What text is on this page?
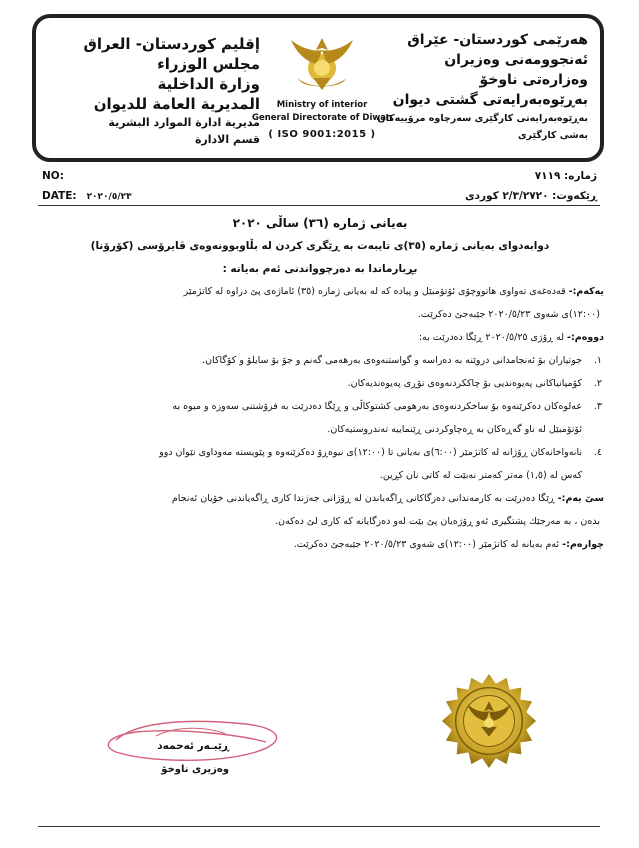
إقليم كوردستان- العراق
مجلس الوزراء
وزارة الداخلية
المديرية العامة للديوان
مديرية ادارة الموارد البشرية
قسم الادارة
Ministry of interior
General Directorate of Diwan
( ISO 9001:2015 )
هەرێمی كوردستان- عێراق
ئەنجوومەنی وەزیران
وەزارەتی ناوخۆ
بەڕێوەبەرایەتی گشتی دیوان
بەڕێوەبەرایەتی كارگێری سەرچاوە مرۆییەكان
بەشی كارگێری
NO:	ژمارە: ٧١١٩
DATE: ٢٠٢٠/٥/٢٣	ڕێكەوت: ٢/٣/٢٧٢٠ كوردی
بەیانی ژمارە (٣٦) ساڵی ٢٠٢٠
دوابەدوای بەیانی ژمارە (٣٥)ی تایبەت بە ڕێگری كردن لە بڵاوبوونەوەی ڤایرۆسی (كۆرۆنا)
بڕیارماندا بە دەرچوواندنی ئەم بەیانە :
یەكەم:- قەدەغەی تەواوی هاتووچۆی ئۆتۆمبێل و پیادە كە لە بەیانی ژمارە (٣٥) ئاماژەی پێ دراوە لە كاتژمێر
(١٢:٠٠)ی شەوی ٢٠٢٠/٥/٢٣ جێبەجێ دەكرێت.
دووەم:- لە ڕۆژی ٢٠٢٠/٥/٢٥ ڕێگا دەدرێت بە:
١.
جوتیاران بۆ ئەنجامدانی دروێنە بە دەراسە و گواستنەوەی بەرهەمی گەنم و جۆ بۆ سایلۆ و كۆگاكان.
٢.
كۆمپانیاكانی پەیوەندیی بۆ چاككردنەوەی تۆڕی پەیوەندیەكان.
٣.
عەلوەكان دەكرێنەوە بۆ ساخكردنەوەی بەرهومی كشتوكاڵی و ڕێگا دەدرێت بە فرۆشتنی سەوزە و میوە بە
ئۆتۆمبێل لە ناو گەڕەكان بە ڕەچاوكردنی ڕێنماییە تەندروستیەكان.
٤.
نانەواخانەكان ڕۆژانە لە كاتژمێر (٦:٠٠)ی بەیانی تا (١٢:٠٠)ی نیوەڕۆ دەكرێنەوە و پێویستە مەوداوی نێوان دوو
كەس لە (١,٥) مەتر كەمتر نەبێت لە كاتی نان كڕین.
سێ یەم:- ڕێگا دەدرێت بە كارمەندانی دەزگاكانی ڕاگەیاندن لە ڕۆژانی جەژندا كاری ڕاگەیاندنی خۆیان ئەنجام
بدەن ، بە مەرجێك پشتگیری ئەو ڕۆژەیان پێ بێت لەو دەزگایانە كە كاری لێ دەكەن.
چوارەم:- ئەم بەیانە لە كاتژمێر (١٢:٠٠)ی شەوی ٢٠٢٠/٥/٢٣ جێبەجێ دەكرێت.
ڕێبـەر ئەحمەد
وەزیری ناوخۆ
